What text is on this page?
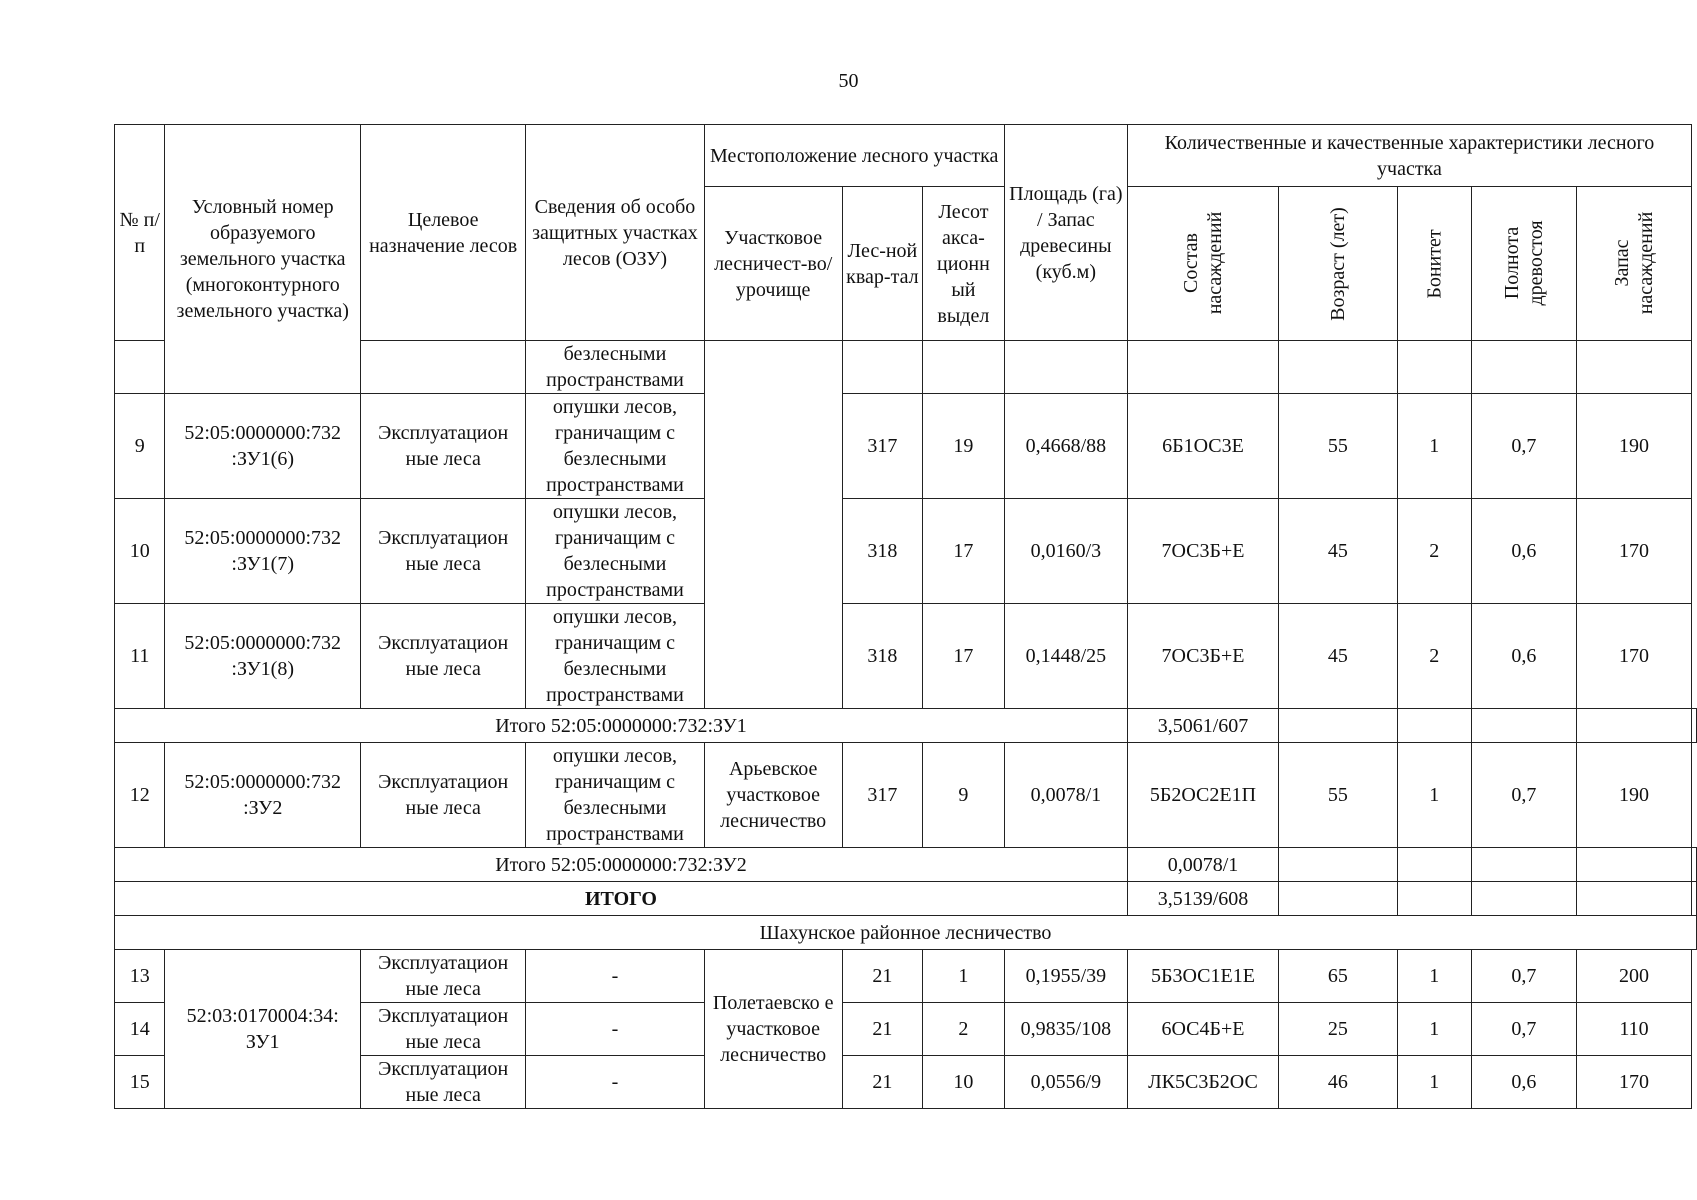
50
№ п/п	Условный номер образуемого земельного участка (многоконтурного земельного участка)	Целевое назначение лесов	Сведения об особо защитных участках лесов (ОЗУ)	Местоположение лесного участка			Площадь (га) / Запас древесины (куб.м)	Количественные и качественные характеристики лесного участка					
				Участковое лесничест-во/урочище	Лес-ной квар-тал	Лесот акса-ционн ый выдел		Состав насаждений	Возраст (лет)	Бонитет	Полнота древостоя	Запас насаждений	
			безлесными пространствами										
9	52:05:0000000:732 :ЗУ1(6)	Эксплуатацион ные леса	опушки лесов, граничащим с безлесными пространствами		317	19	0,4668/88	6Б1ОС3Е	55	1	0,7	190	
10	52:05:0000000:732 :ЗУ1(7)	Эксплуатацион ные леса	опушки лесов, граничащим с безлесными пространствами		318	17	0,0160/3	7ОС3Б+Е	45	2	0,6	170	
11	52:05:0000000:732 :ЗУ1(8)	Эксплуатацион ные леса	опушки лесов, граничащим с безлесными пространствами		318	17	0,1448/25	7ОС3Б+Е	45	2	0,6	170	
Итого 52:05:0000000:732:ЗУ1								3,5061/607					
12	52:05:0000000:732 :ЗУ2	Эксплуатацион ные леса	опушки лесов, граничащим с безлесными пространствами	Арьевское участковое лесничество	317	9	0,0078/1	5Б2ОС2Е1П	55	1	0,7	190	
Итого 52:05:0000000:732:ЗУ2								0,0078/1					
ИТОГО								3,5139/608					
Шахунское районное лесничество													
13	52:03:0170004:34: ЗУ1	Эксплуатацион ные леса	-	Полетаевско е участковое лесничество	21	1	0,1955/39	5Б3ОС1Е1Е	65	1	0,7	200	
14		Эксплуатацион ные леса	-		21	2	0,9835/108	6ОС4Б+Е	25	1	0,7	110	
15		Эксплуатацион ные леса	-		21	10	0,0556/9	ЛК5С3Б2ОС	46	1	0,6	170	
